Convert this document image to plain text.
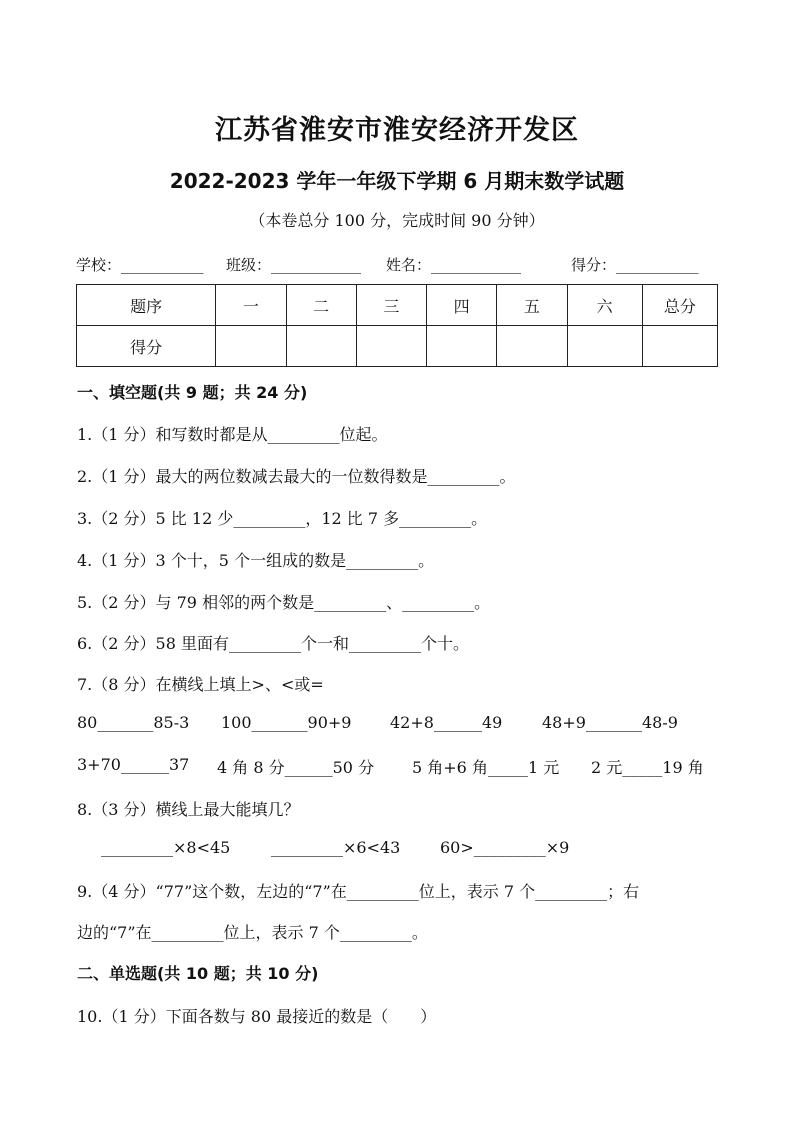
江苏省淮安市淮安经济开发区
2022-2023 学年一年级下学期 6 月期末数学试题
（本卷总分 100 分，完成时间 90 分钟）
学校：___________ 班级：____________ 姓名：____________	得分：___________
题序	一	二	三	四	五	六	总分
得分							
一、填空题(共 9 题；共 24 分)
1.（1 分）和写数时都是从_________位起。
2.（1 分）最大的两位数减去最大的一位数得数是_________。
3.（2 分）5 比 12 少_________，12 比 7 多_________。
4.（1 分）3 个十，5 个一组成的数是_________。
5.（2 分）与 79 相邻的两个数是_________、_________。
6.（2 分）58 里面有_________个一和_________个十。
7.（8 分）在横线上填上>、<或=
80_______85-3 100_______90+9 42+8______49 48+9_______48-9
3+70______37 4 角 8 分______50 分 5 角+6 角_____1 元 2 元_____19 角
8.（3 分）横线上最大能填几？
_________×8<45	_________×6<43 60>_________×9
9.（4 分）“77”这个数，左边的“7”在_________位上，表示 7 个_________；右
边的“7”在_________位上，表示 7 个_________。
二、单选题(共 10 题；共 10 分)
10.（1 分）下面各数与 80 最接近的数是（　　）
